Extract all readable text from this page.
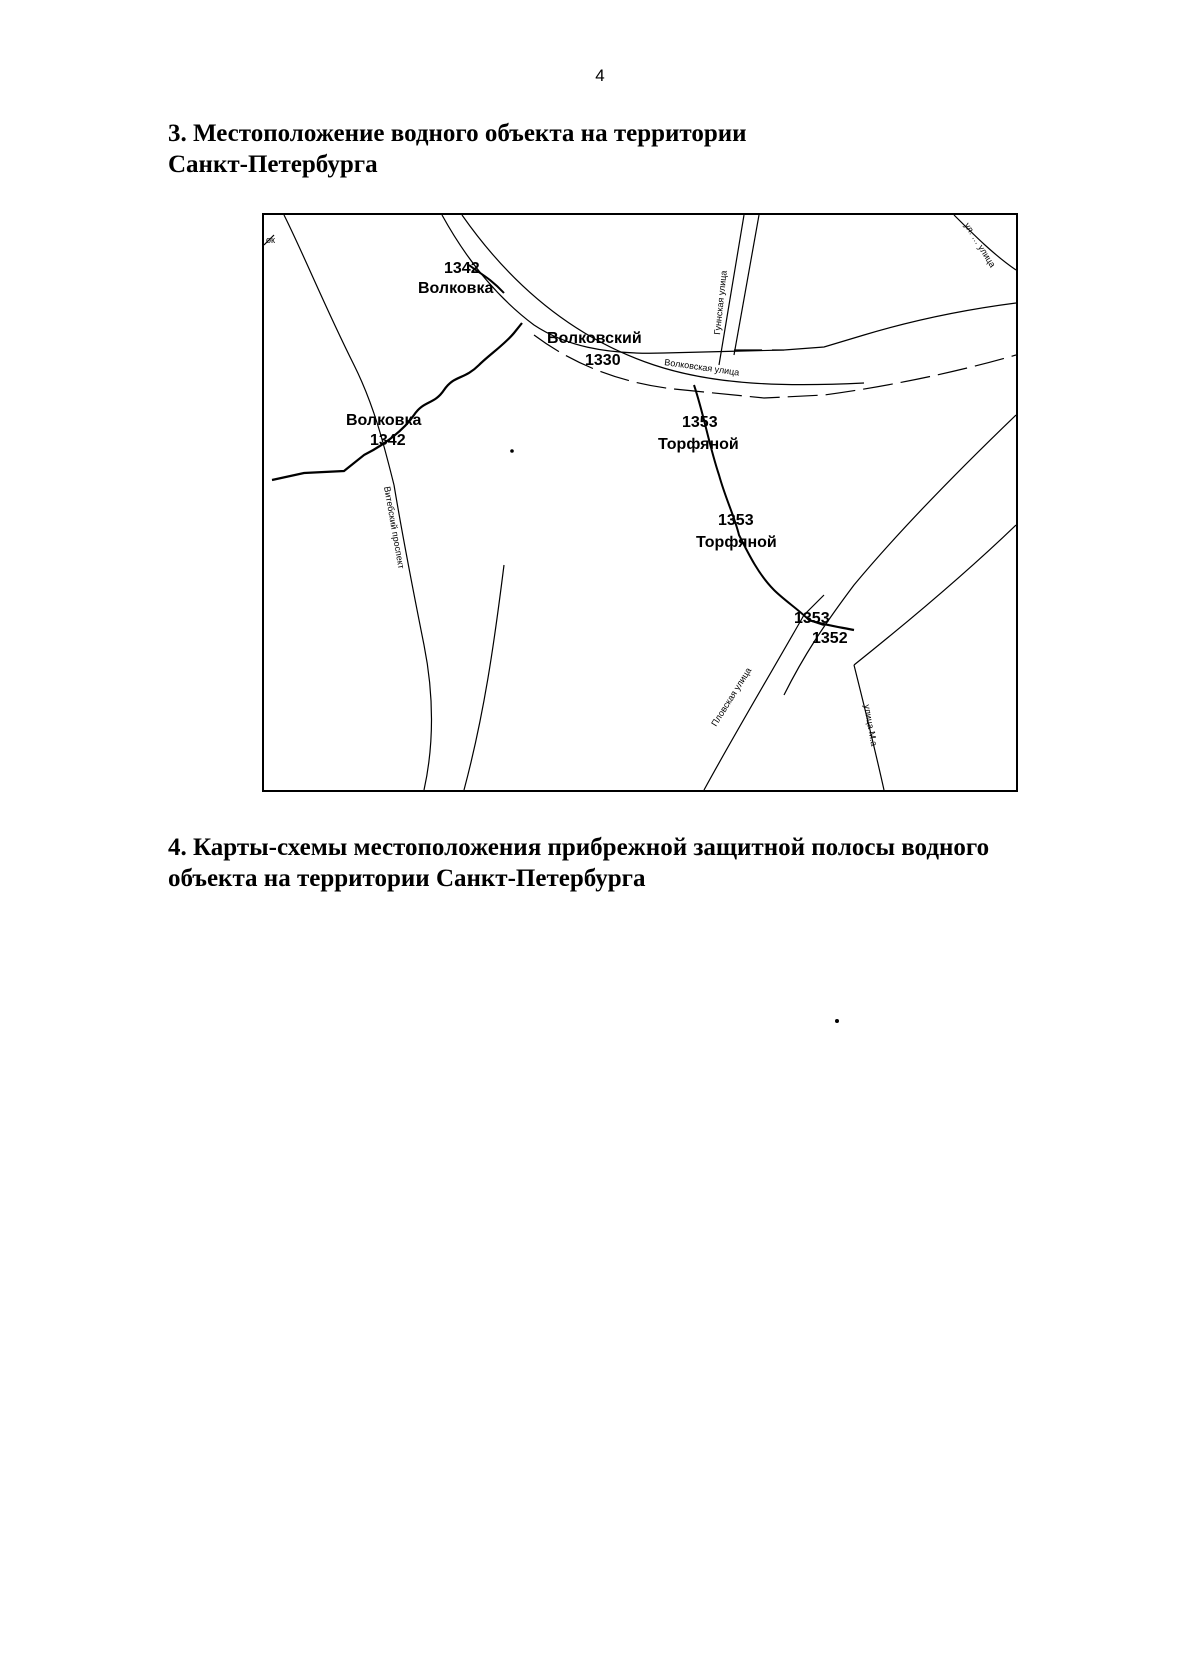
4
3. Местоположение водного объекта на территории
Санкт-Петербурга
1342
Волковка
Волковский
1330
Волковка
1342
1353
Торфяной
1353
Торфяной
1353
1352
ок	ул. … улица
Гуннская улица
Волковская улица
Витебский проспект
Пловская улица	улица М.а
4. Карты-схемы местоположения прибрежной защитной полосы водного
объекта на территории Санкт-Петербурга
